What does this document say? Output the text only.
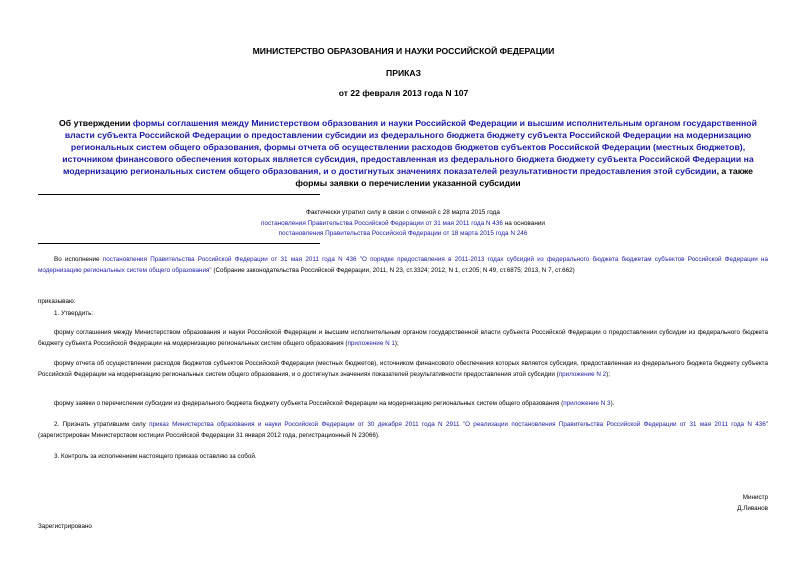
МИНИСТЕРСТВО ОБРАЗОВАНИЯ И НАУКИ РОССИЙСКОЙ ФЕДЕРАЦИИ
ПРИКАЗ
от 22 февраля 2013 года N 107
Об утверждении формы соглашения между Министерством образования и науки Российской Федерации и высшим исполнительным органом государственной власти субъекта Российской Федерации о предоставлении субсидии из федерального бюджета бюджету субъекта Российской Федерации на модернизацию региональных систем общего образования, формы отчета об осуществлении расходов бюджетов субъектов Российской Федерации (местных бюджетов), источником финансового обеспечения которых является субсидия, предоставленная из федерального бюджета бюджету субъекта Российской Федерации на модернизацию региональных систем общего образования, и о достигнутых значениях показателей результативности предоставления этой субсидии, а также формы заявки о перечислении указанной субсидии
Фактически утратил силу в связи с отменой с 28 марта 2015 года
постановления Правительства Российской Федерации от 31 мая 2011 года N 436 на основании
постановления Правительства Российской Федерации от 18 марта 2015 года N 246
Во исполнение постановления Правительства Российской Федерации от 31 мая 2011 года N 436 "О порядке предоставления в 2011-2013 годах субсидий из федерального бюджета бюджетам субъектов Российской Федерации на модернизацию региональных систем общего образования" (Собрание законодательства Российской Федерации, 2011, N 23, ст.3324; 2012, N 1, ст.205; N 49, ст.6875; 2013, N 7, ст.662)
приказываю:
1. Утвердить:
форму соглашения между Министерством образования и науки Российской Федерации и высшим исполнительным органом государственной власти субъекта Российской Федерации о предоставлении субсидии из федерального бюджета бюджету субъекта Российской Федерации на модернизацию региональных систем общего образования (приложение N 1);
форму отчета об осуществлении расходов бюджетов субъектов Российской Федерации (местных бюджетов), источником финансового обеспечения которых является субсидия, предоставленная из федерального бюджета бюджету субъекта Российской Федерации на модернизацию региональных систем общего образования, и о достигнутых значениях показателей результативности предоставления этой субсидии (приложение N 2);
форму заявки о перечислении субсидии из федерального бюджета бюджету субъекта Российской Федерации на модернизацию региональных систем общего образования (приложение N 3).
2. Признать утратившим силу приказ Министерства образования и науки Российской Федерации от 30 декабря 2011 года N 2911 "О реализации постановления Правительства Российской Федерации от 31 мая 2011 года N 436" (зарегистрирован Министерством юстиции Российской Федерации 31 января 2012 года, регистрационный N 23066).
3. Контроль за исполнением настоящего приказа оставляю за собой.
Министр
Д.Ливанов
Зарегистрировано
